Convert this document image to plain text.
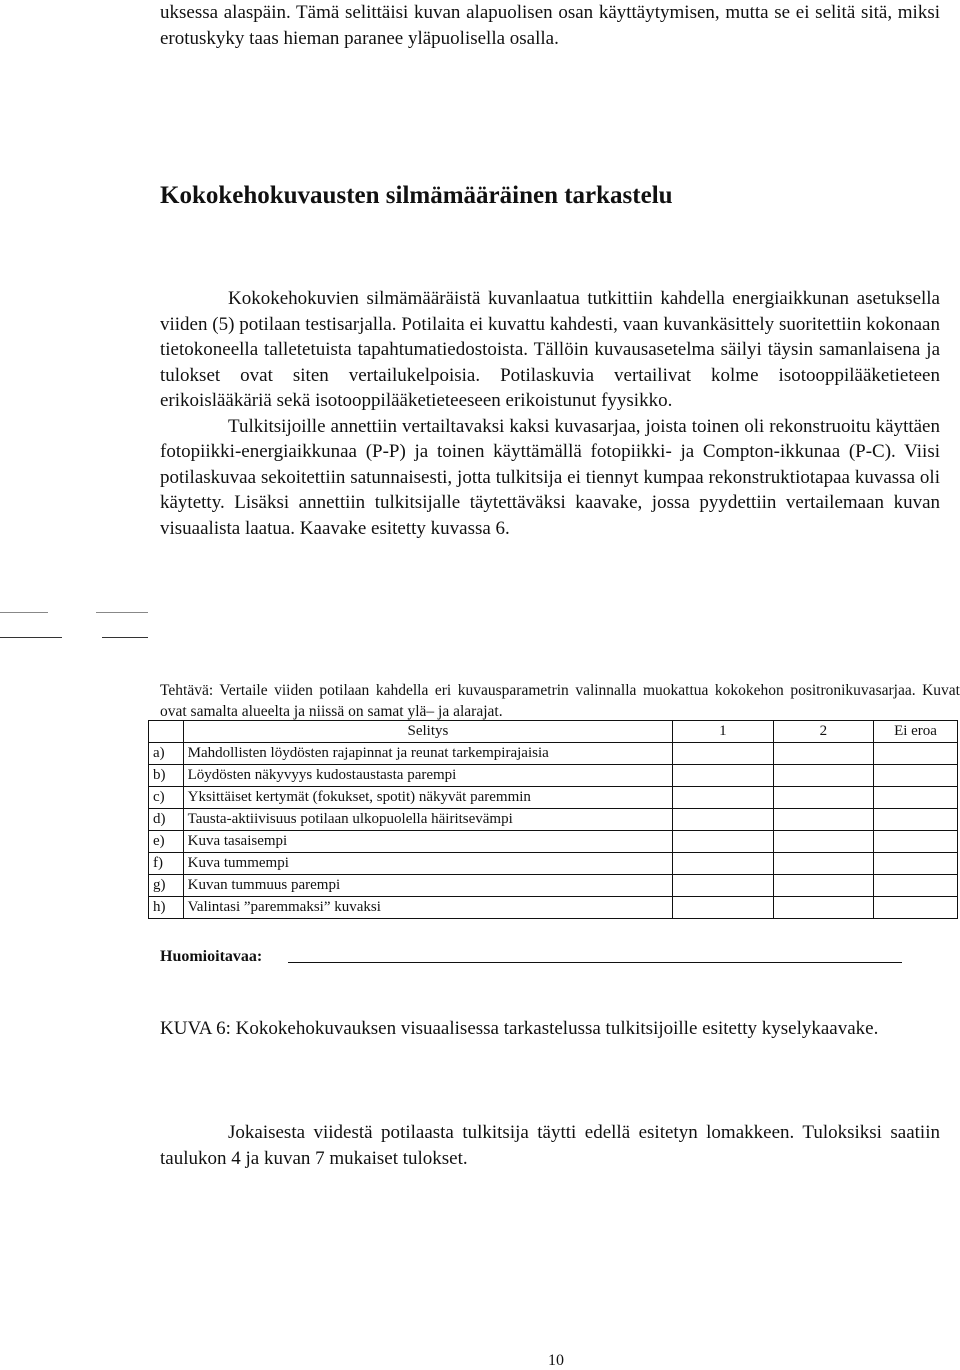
uksessa alaspäin. Tämä selittäisi kuvan alapuolisen osan käyttäytymisen, mutta se ei selitä sitä, miksi erotuskyky taas hieman paranee yläpuolisella osalla.

Kokokehokuvausten silmämääräinen tarkastelu

Kokokehokuvien silmämääräistä kuvanlaatua tutkittiin kahdella energiaikkunan asetuksella viiden (5) potilaan testisarjalla. Potilaita ei kuvattu kahdesti, vaan kuvankäsittely suoritettiin kokonaan tietokoneella talletetuista tapahtumatiedostoista. Tällöin kuvausasetelma säilyi täysin samanlaisena ja tulokset ovat siten vertailukelpoisia. Potilaskuvia vertailivat kolme isotooppilääketieteen erikoislääkäriä sekä isotooppilääketieteeseen erikoistunut fyysikko.

Tulkitsijoille annettiin vertailtavaksi kaksi kuvasarjaa, joista toinen oli rekonstruoitu käyttäen fotopiikki-energiaikkunaa (P-P) ja toinen käyttämällä fotopiikki- ja Compton-ikkunaa (P-C). Viisi potilaskuvaa sekoitettiin satunnaisesti, jotta tulkitsija ei tiennyt kumpaa rekonstruktiotapaa kuvassa oli käytetty. Lisäksi annettiin tulkitsijalle täytettäväksi kaavake, jossa pyydettiin vertailemaan kuvan visuaalista laatua. Kaavake esitetty kuvassa 6.

Tehtävä: Vertaile viiden potilaan kahdella eri kuvausparametrin valinnalla muokattua kokokehon positronikuvasarjaa. Kuvat ovat samalta alueelta ja niissä on samat ylä– ja alarajat.

	Selitys	1	2	Ei eroa
a)	Mahdollisten löydösten rajapinnat ja reunat tarkempirajaisia			
b)	Löydösten näkyvyys kudostaustasta parempi			
c)	Yksittäiset kertymät (fokukset, spotit) näkyvät paremmin			
d)	Tausta-aktiivisuus potilaan ulkopuolella häiritsevämpi			
e)	Kuva tasaisempi			
f)	Kuva tummempi			
g)	Kuvan tummuus parempi			
h)	Valintasi ”paremmaksi” kuvaksi			

Huomioitavaa:

KUVA 6: Kokokehokuvauksen visuaalisessa tarkastelussa tulkitsijoille esitetty kyselykaavake.

Jokaisesta viidestä potilaasta tulkitsija täytti edellä esitetyn lomakkeen. Tuloksiksi saatiin taulukon 4 ja kuvan 7 mukaiset tulokset.

10
